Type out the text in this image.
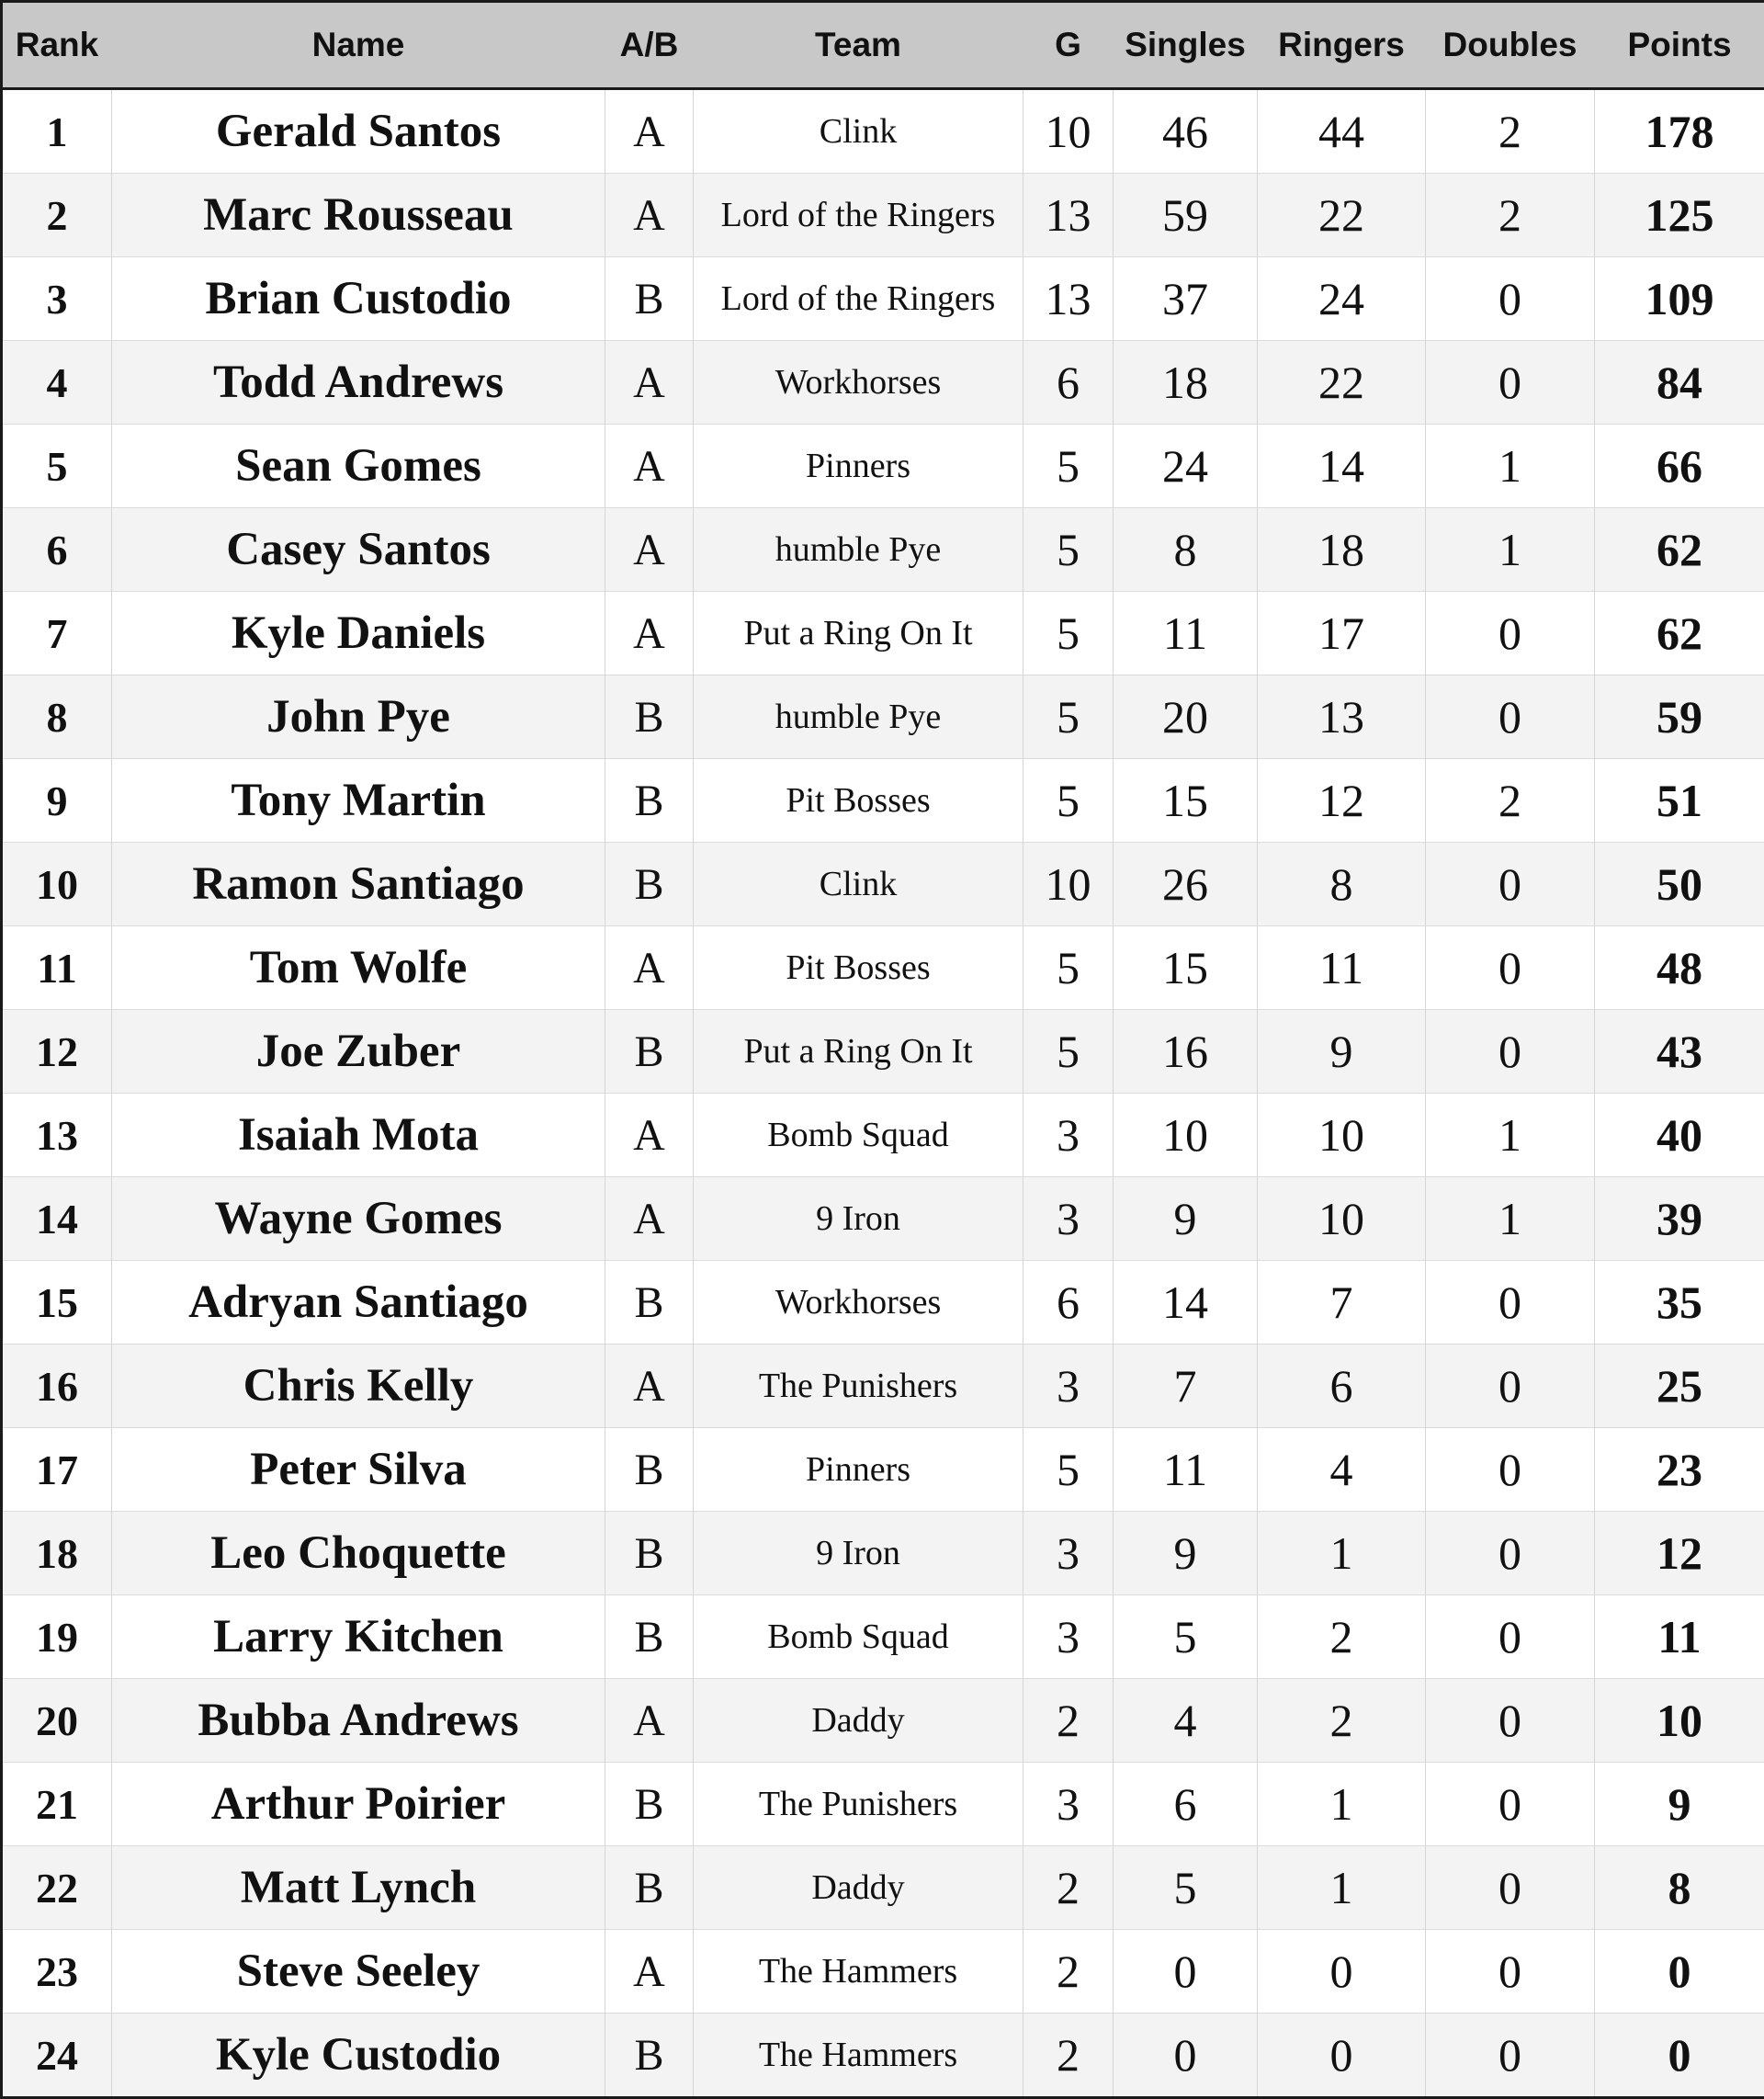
Rank	Name	A/B	Team	G	Singles	Ringers	Doubles	Points
1	Gerald Santos	A	Clink	10	46	44	2	178
2	Marc Rousseau	A	Lord of the Ringers	13	59	22	2	125
3	Brian Custodio	B	Lord of the Ringers	13	37	24	0	109
4	Todd Andrews	A	Workhorses	6	18	22	0	84
5	Sean Gomes	A	Pinners	5	24	14	1	66
6	Casey Santos	A	humble Pye	5	8	18	1	62
7	Kyle Daniels	A	Put a Ring On It	5	11	17	0	62
8	John Pye	B	humble Pye	5	20	13	0	59
9	Tony Martin	B	Pit Bosses	5	15	12	2	51
10	Ramon Santiago	B	Clink	10	26	8	0	50
11	Tom Wolfe	A	Pit Bosses	5	15	11	0	48
12	Joe Zuber	B	Put a Ring On It	5	16	9	0	43
13	Isaiah Mota	A	Bomb Squad	3	10	10	1	40
14	Wayne Gomes	A	9 Iron	3	9	10	1	39
15	Adryan Santiago	B	Workhorses	6	14	7	0	35
16	Chris Kelly	A	The Punishers	3	7	6	0	25
17	Peter Silva	B	Pinners	5	11	4	0	23
18	Leo Choquette	B	9 Iron	3	9	1	0	12
19	Larry Kitchen	B	Bomb Squad	3	5	2	0	11
20	Bubba Andrews	A	Daddy	2	4	2	0	10
21	Arthur Poirier	B	The Punishers	3	6	1	0	9
22	Matt Lynch	B	Daddy	2	5	1	0	8
23	Steve Seeley	A	The Hammers	2	0	0	0	0
24	Kyle Custodio	B	The Hammers	2	0	0	0	0
